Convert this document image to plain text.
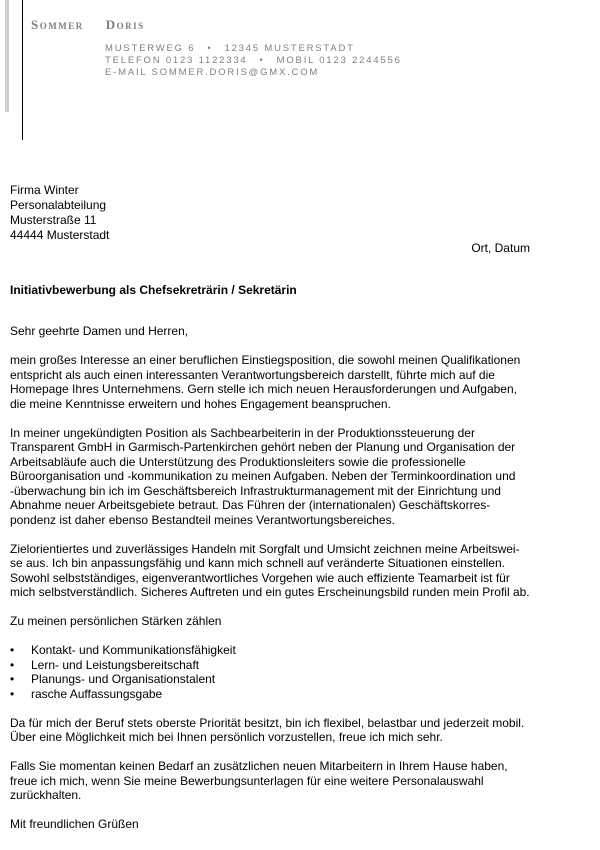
Sommer Doris
MUSTERWEG 6 • 12345 MUSTERSTADT
TELEFON 0123 1122334 • MOBIL 0123 2244556
E-MAIL SOMMER.DORIS@GMX.COM
Firma Winter
Personalabteilung
Musterstraße 11
44444 Musterstadt
Ort, Datum
Initiativbewerbung als Chefsekreträrin / Sekretärin

Sehr geehrte Damen und Herren,

mein großes Interesse an einer beruflichen Einstiegsposition, die sowohl meinen Qualifikationen entspricht als auch einen interessanten Verantwortungsbereich darstellt, führte mich auf die Homepage Ihres Unternehmens. Gern stelle ich mich neuen Herausforderungen und Aufgaben, die meine Kenntnisse erweitern und hohes Engagement beanspruchen.

In meiner ungekündigten Position als Sachbearbeiterin in der Produktionssteuerung der Transparent GmbH in Garmisch-Partenkirchen gehört neben der Planung und Organisation der Arbeitsabläufe auch die Unterstützung des Produktionsleiters sowie die professionelle Büroorganisation und -kommunikation zu meinen Aufgaben. Neben der Terminkoordination und -überwachung bin ich im Geschäftsbereich Infrastrukturmanagement mit der Einrichtung und Abnahme neuer Arbeitsgebiete betraut. Das Führen der (internationalen) Geschäftskorres-pondenz ist daher ebenso Bestandteil meines Verantwortungsbereiches.

Zielorientiertes und zuverlässiges Handeln mit Sorgfalt und Umsicht zeichnen meine Arbeitswei-se aus. Ich bin anpassungsfähig und kann mich schnell auf veränderte Situationen einstellen. Sowohl selbstständiges, eigenverantwortliches Vorgehen wie auch effiziente Teamarbeit ist für mich selbstverständlich. Sicheres Auftreten und ein gutes Erscheinungsbild runden mein Profil ab.

Zu meinen persönlichen Stärken zählen

• Kontakt- und Kommunikationsfähigkeit
• Lern- und Leistungsbereitschaft
• Planungs- und Organisationstalent
• rasche Auffassungsgabe

Da für mich der Beruf stets oberste Priorität besitzt, bin ich flexibel, belastbar und jederzeit mobil. Über eine Möglichkeit mich bei Ihnen persönlich vorzustellen, freue ich mich sehr.

Falls Sie momentan keinen Bedarf an zusätzlichen neuen Mitarbeitern in Ihrem Hause haben, freue ich mich, wenn Sie meine Bewerbungsunterlagen für eine weitere Personalauswahl zurückhalten.

Mit freundlichen Grüßen
